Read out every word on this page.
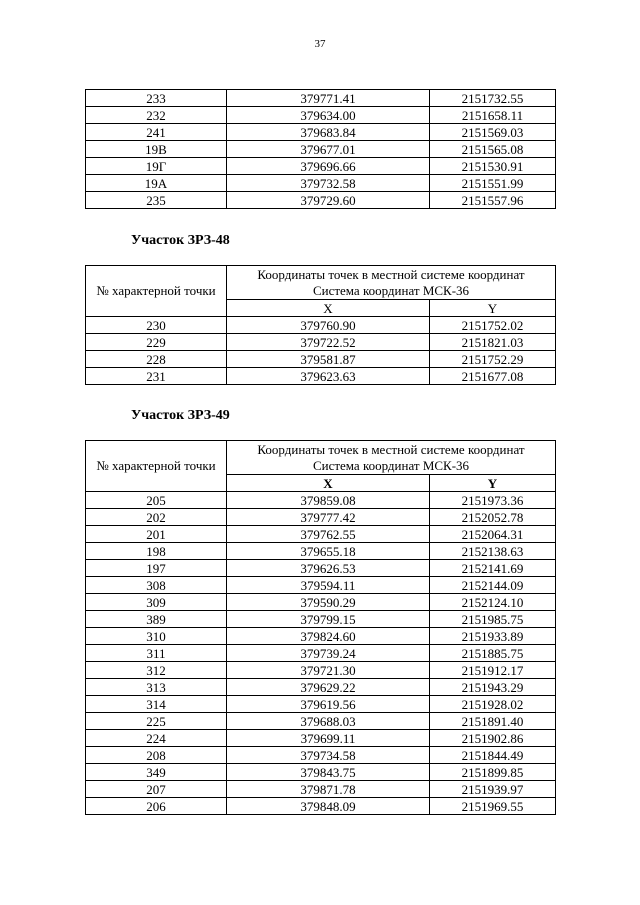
37
233	379771.41	2151732.55
232	379634.00	2151658.11
241	379683.84	2151569.03
19В	379677.01	2151565.08
19Г	379696.66	2151530.91
19А	379732.58	2151551.99
235	379729.60	2151557.96
Участок ЗРЗ-48
№ характерной точки	Координаты точек в местной системе координат
Система координат МСК-36	

	X	Y
230	379760.90	2151752.02
229	379722.52	2151821.03
228	379581.87	2151752.29
231	379623.63	2151677.08
Участок ЗРЗ-49
№ характерной точки	Координаты точек в местной системе координат
Система координат МСК-36	

	X	Y
205	379859.08	2151973.36
202	379777.42	2152052.78
201	379762.55	2152064.31
198	379655.18	2152138.63
197	379626.53	2152141.69
308	379594.11	2152144.09
309	379590.29	2152124.10
389	379799.15	2151985.75
310	379824.60	2151933.89
311	379739.24	2151885.75
312	379721.30	2151912.17
313	379629.22	2151943.29
314	379619.56	2151928.02
225	379688.03	2151891.40
224	379699.11	2151902.86
208	379734.58	2151844.49
349	379843.75	2151899.85
207	379871.78	2151939.97
206	379848.09	2151969.55
